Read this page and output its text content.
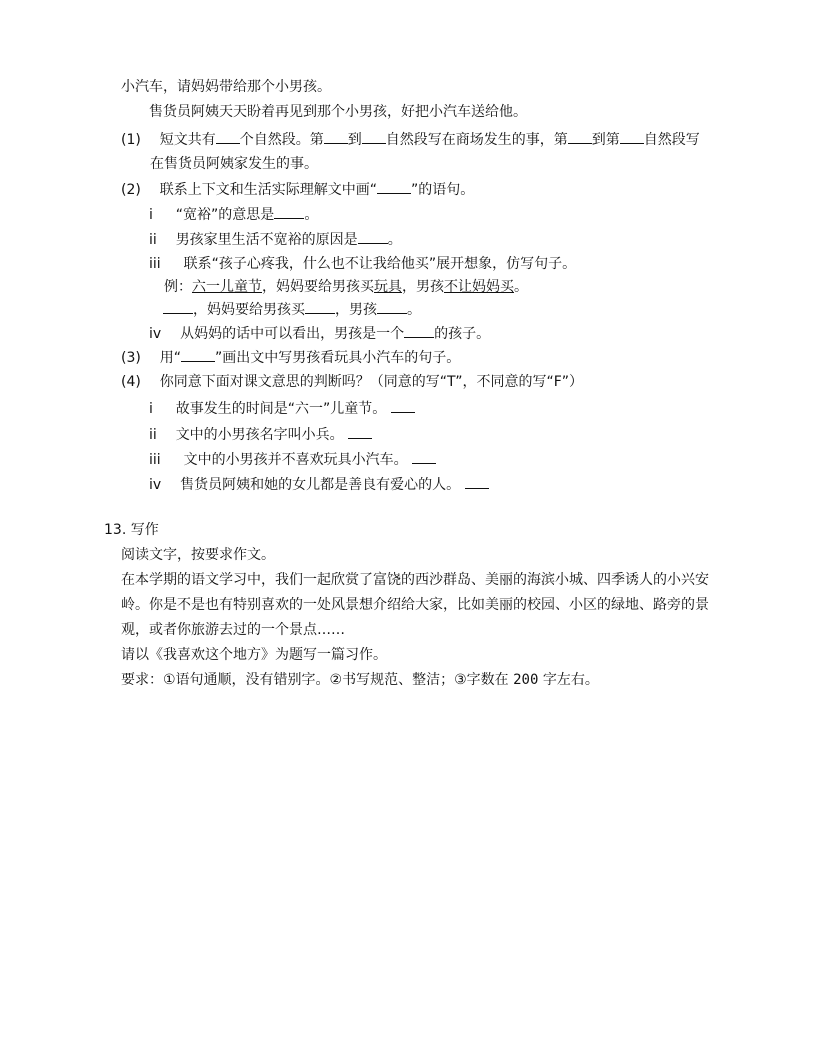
小汽车，请妈妈带给那个小男孩。
售货员阿姨天天盼着再见到那个小男孩，好把小汽车送给他。
(1) 短文共有 个自然段。第 到 自然段写在商场发生的事，第 到第 自然段写
在售货员阿姨家发生的事。
(2) 联系上下文和生活实际理解文中画“ ”的语句。
i “宽裕”的意思是 。
ii 男孩家里生活不宽裕的原因是 。
iii 联系“孩子心疼我，什么也不让我给他买”展开想象，仿写句子。
例：六一儿童节，妈妈要给男孩买玩具，男孩不让妈妈买。
，妈妈要给男孩买 ，男孩 。
iv 从妈妈的话中可以看出，男孩是一个 的孩子。
(3) 用“ ”画出文中写男孩看玩具小汽车的句子。
(4) 你同意下面对课文意思的判断吗？（同意的写“T”，不同意的写“F”）
i 故事发生的时间是“六一”儿童节。
ii 文中的小男孩名字叫小兵。
iii 文中的小男孩并不喜欢玩具小汽车。
iv 售货员阿姨和她的女儿都是善良有爱心的人。
13. 写作
阅读文字，按要求作文。
在本学期的语文学习中，我们一起欣赏了富饶的西沙群岛、美丽的海滨小城、四季诱人的小兴安
岭。你是不是也有特别喜欢的一处风景想介绍给大家，比如美丽的校园、小区的绿地、路旁的景
观，或者你旅游去过的一个景点……
请以《我喜欢这个地方》为题写一篇习作。
要求：①语句通顺，没有错别字。②书写规范、整洁；③字数在 200 字左右。
